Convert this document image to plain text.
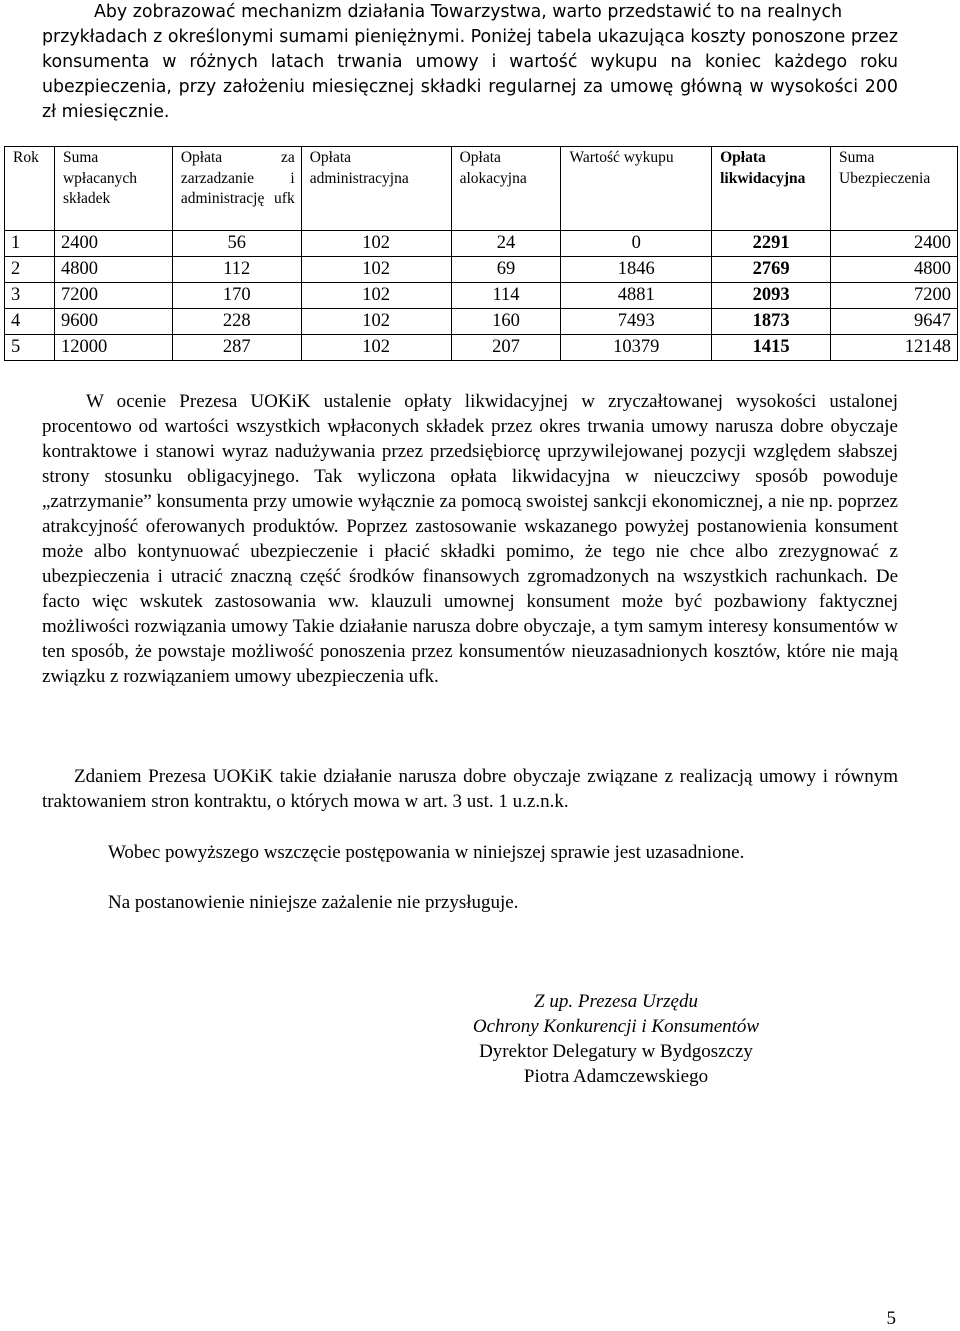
Aby zobrazować mechanizm działania Towarzystwa, warto przedstawić to na realnych
przykładach z określonymi sumami pieniężnymi. Poniżej tabela ukazująca koszty ponoszone przez konsumenta w różnych latach trwania umowy i wartość wykupu na koniec każdego roku ubezpieczenia, przy założeniu miesięcznej składki regularnej za umowę główną w wysokości 200 zł miesięcznie.

Rok	Suma wpłacanych składek	Opłata za zarzadzanie i administrację ufk	Opłata administracyjna	Opłata alokacyjna	Wartość wykupu	Opłata likwidacyjna	Suma Ubezpieczenia
1	2400	56	102	24	0	2291	2400
2	4800	112	102	69	1846	2769	4800
3	7200	170	102	114	4881	2093	7200
4	9600	228	102	160	7493	1873	9647
5	12000	287	102	207	10379	1415	12148

W ocenie Prezesa UOKiK ustalenie opłaty likwidacyjnej w zryczałtowanej wysokości ustalonej procentowo od wartości wszystkich wpłaconych składek przez okres trwania umowy narusza dobre obyczaje kontraktowe i stanowi wyraz nadużywania przez przedsiębiorcę uprzywilejowanej pozycji względem słabszej strony stosunku obligacyjnego. Tak wyliczona opłata likwidacyjna w nieuczciwy sposób powoduje „zatrzymanie” konsumenta przy umowie wyłącznie za pomocą swoistej sankcji ekonomicznej, a nie np. poprzez atrakcyjność oferowanych produktów. Poprzez zastosowanie wskazanego powyżej postanowienia konsument może albo kontynuować ubezpieczenie i płacić składki pomimo, że tego nie chce albo zrezygnować z ubezpieczenia i utracić znaczną część środków finansowych zgromadzonych na wszystkich rachunkach. De facto więc wskutek zastosowania ww. klauzuli umownej konsument może być pozbawiony faktycznej możliwości rozwiązania umowy Takie działanie narusza dobre obyczaje, a tym samym interesy konsumentów w ten sposób, że powstaje możliwość ponoszenia przez konsumentów nieuzasadnionych kosztów, które nie mają związku z rozwiązaniem umowy ubezpieczenia ufk.

Zdaniem Prezesa UOKiK takie działanie narusza dobre obyczaje związane z realizacją umowy i równym traktowaniem stron kontraktu, o których mowa w art. 3 ust. 1 u.z.n.k.

Wobec powyższego wszczęcie postępowania w niniejszej sprawie jest uzasadnione.

Na postanowienie niniejsze zażalenie nie przysługuje.

Z up. Prezesa Urzędu
Ochrony Konkurencji i Konsumentów
Dyrektor Delegatury w Bydgoszczy
Piotra Adamczewskiego
5
